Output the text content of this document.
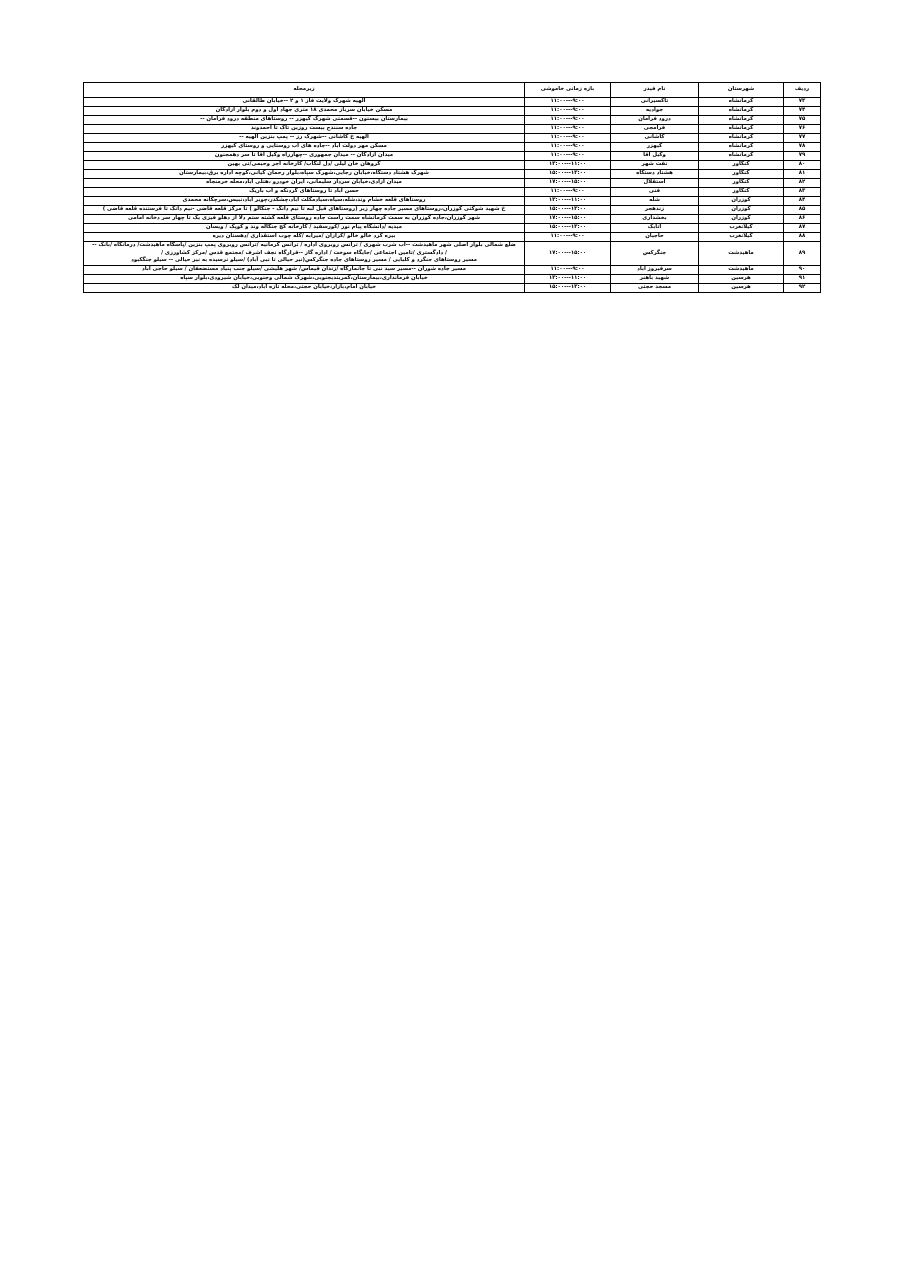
ردیف	شهرستان	نام فیدر	بازه زمانی خاموشی	زیرمحله
۷۳	کرمانشاه	تاکسیرانی	۹:۰۰---۱۱:۰۰	الهیه شهرک ولایت فاز ۱ و ۲ --خیابان طالقانی

۷۴	کرمانشاه	جوادیه	۹:۰۰---۱۱:۰۰	مسکن خیابان سرباز محمدی ۱۸ متری جهاد اول و دوم بلوار آزادگان

۷۵	کرمانشاه	درود فرامان	۹:۰۰---۱۱:۰۰	بیمارستان بیستون --قسمتی شهرک کیهزر -- روستاهای منطقه درود فرامان --

۷۶	کرمانشاه	فرامجی	۹:۰۰---۱۱:۰۰	جاده سنندج بیست روزین تاک تا احمدوند

۷۷	کرمانشاه	کاشانی	۹:۰۰---۱۱:۰۰	الهیه خ کاشانی --شهرک رز -- پمپ بنزین الهیه --

۷۸	کرمانشاه	کیهزر	۹:۰۰---۱۱:۰۰	مسکن مهر دولت آباد --جاده های آب روستایی و روستای کیهزر

۷۹	کرمانشاه	وکیل آقا	۹:۰۰---۱۱:۰۰	میدان آزادگان -- میدان جمهوری --چهارراه وکیل آقا تا سر دهمجنون

۸۰	کنگاور	نفت شهر	۱۱:۰۰---۱۳:۰۰	گروهان خان لیلی /دل لنگاب/ کارخانه آجر وحیمی/تی بهین

۸۱	کنگاور	هشتاد دستگاه	۱۳:۰۰---۱۵:۰۰	شهرک هشتاد دستگاه،خیابان رجایی،شهرک سپاه،بلوار رحمان کیانی،کوچه اداره برق،بیمارستان

۸۲	کنگاور	استقلال	۱۵:۰۰---۱۷:۰۰	میدان آزادی،خیابان سردار سلیمانی، ایران خودرو ،هتلی آباد،محله خرمنجاه

۸۳	کنگاور	فنی	۹:۰۰---۱۱:۰۰	حسن آباد تا روستاهای گردنکه و آب باریک

۸۴	کوزران	شله	۱۱:۰۰---۱۳:۰۰	روستاهای قلعه خشام وند،شله،سیاه،سیادمکلت آباد،چشکدر،چوبر آباد،نبیس،سرچکانه محمدی

۸۵	کوزران	زندهجر	۱۳:۰۰---۱۵:۰۰	خ شهید شوکتی کوزران،روستاهای مسیر جاده چهار زبر (روستاهای قبل لبه تا نیم دانگ - جنگالو ) تا مرکز قلعه قاضی -نیم دانگ تا فرستنده قلعه قاضی )

۸۶	کوزران	بخشداری	۱۵:۰۰---۱۷:۰۰	شهر کوزران،جاده کوزران به سمت کرمانشاه سمت راست جاده روستای قلعه کشته ستم دلا از دهلو فیزی یک تا چهار سر دخانه امامی

۸۷	کیلانغرب	اتابک	۱۳:۰۰---۱۵:۰۰	میدیه /دانشگاه پیام نور /کورسفید / کارخانه کچ جنگاله وند و کوپک / ویسان

۸۸	کیلانغرب	حاجیان	۹:۰۰---۱۱:۰۰	بیره کرد خالو خالو /کرازان /میرآبه /کله چوب استقداری /دهستان دیره

۸۹	ماهیدشت	جنگرکس	۱۵:۰۰---۱۷:۰۰	ضلع شمالی بلوار اصلی شهر ماهیدشت --آب شرب شهری / ترانس روبروی اداره / ترانس کرمانیه /ترانس روبروی پمپ بنزین /پاسگاه ماهیدشت/ درمانگاه /بانک --
/ دادگستری /تامین اجتماعی /جایگاه سوخت / اداره گاز --قرارگاه نجف اشرف /مجتمع قدس /مرکز کشاورزی /
مسیر روستاهای جنگرد و کلیایی / مسیر روستاهای جاده جنگرکس(نیر حیالی تا نبی آباد) /سیلو نرسیده به نیر حیالی -- سیلو جنگکبود

۹۰	ماهیدشت	سرفیروز آباد	۹:۰۰---۱۱:۰۰	مسیر جاده شوران --مسیر سید نبی تا جانمارگاه /زندان قیماس/ شهر هلیشی /سیلو جنب پنیاد مستضعفان / سیلو حاجی آباد

۹۱	هرسین	شهید باهنر	۱۱:۰۰---۱۳:۰۰	خیابان فرمانداری،بیمارستان،کمربندیجنوبی،شهرک شمالی وجنوبی،خیابان شیرودی،بلوار سپاه

۹۲	هرسین	مسجد حجتی	۱۳:۰۰---۱۵:۰۰	خیابان امام،بازار،خیابان حجتی،محله تازه آباد،میدان لک
